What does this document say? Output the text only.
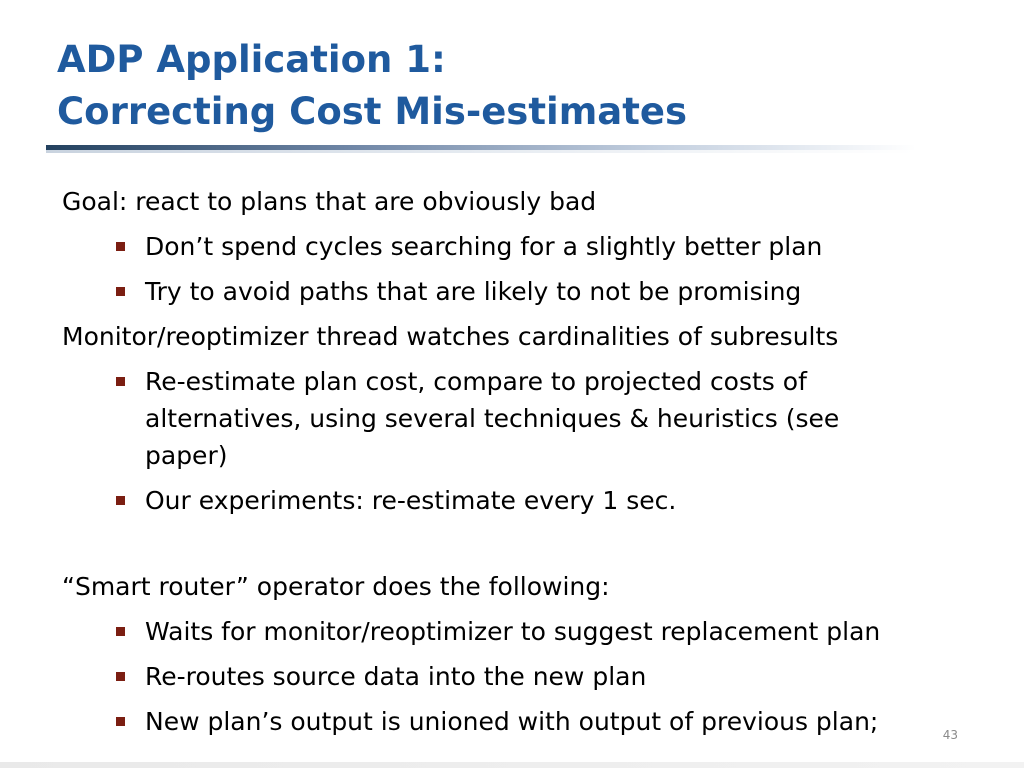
ADP Application 1:
Correcting Cost Mis-estimates

Goal: react to plans that are obviously bad

Don’t spend cycles searching for a slightly better plan
Try to avoid paths that are likely to not be promising

Monitor/reoptimizer thread watches cardinalities of subresults

Re-estimate plan cost, compare to projected costs of alternatives, using several techniques & heuristics (see paper)
Our experiments: re-estimate every 1 sec.

“Smart router” operator does the following:

Waits for monitor/reoptimizer to suggest replacement plan
Re-routes source data into the new plan
New plan’s output is unioned with output of previous plan;	43
